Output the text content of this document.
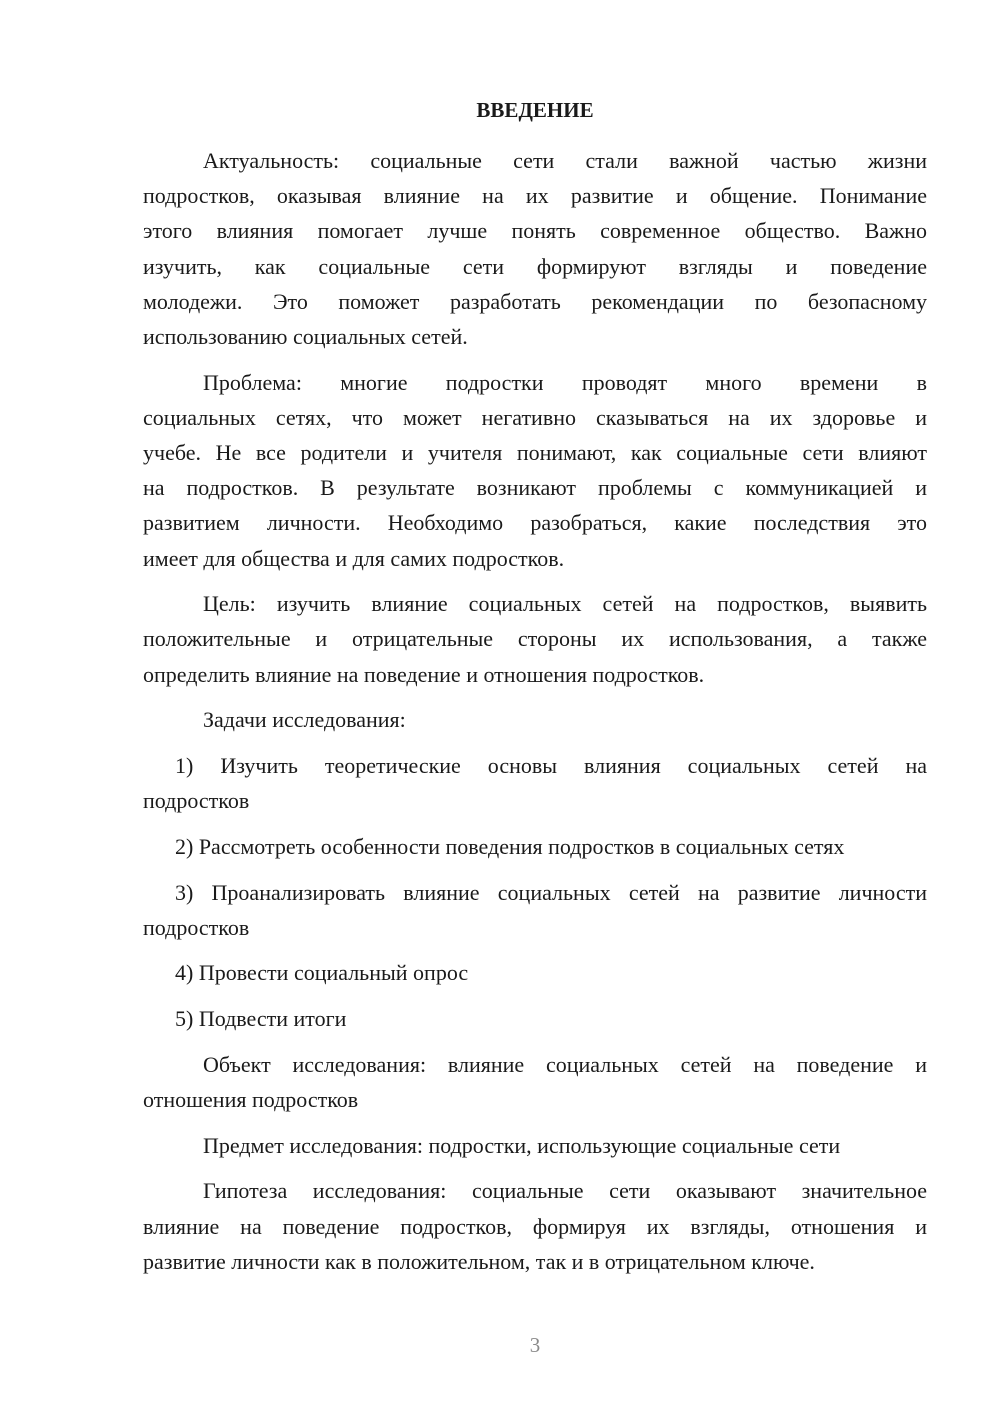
ВВЕДЕНИЕ
Актуальность: социальные сети стали важной частью жизни
подростков, оказывая влияние на их развитие и общение. Понимание
этого влияния помогает лучше понять современное общество. Важно
изучить, как социальные сети формируют взгляды и поведение
молодежи. Это поможет разработать рекомендации по безопасному
использованию социальных сетей.
Проблема: многие подростки проводят много времени в
социальных сетях, что может негативно сказываться на их здоровье и
учебе. Не все родители и учителя понимают, как социальные сети влияют
на подростков. В результате возникают проблемы с коммуникацией и
развитием личности. Необходимо разобраться, какие последствия это
имеет для общества и для самих подростков.
Цель: изучить влияние социальных сетей на подростков, выявить
положительные и отрицательные стороны их использования, а также
определить влияние на поведение и отношения подростков.
Задачи исследования:
1) Изучить теоретические основы влияния социальных сетей на
подростков
2) Рассмотреть особенности поведения подростков в социальных сетях
3) Проанализировать влияние социальных сетей на развитие личности
подростков
4) Провести социальный опрос
5) Подвести итоги
Объект исследования: влияние социальных сетей на поведение и
отношения подростков
Предмет исследования: подростки, использующие социальные сети
Гипотеза исследования: социальные сети оказывают значительное
влияние на поведение подростков, формируя их взгляды, отношения и
развитие личности как в положительном, так и в отрицательном ключе.
3
